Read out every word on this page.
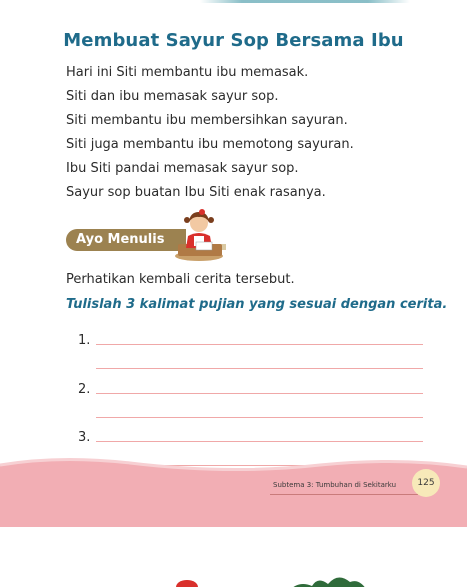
Membuat Sayur Sop Bersama Ibu
Hari ini Siti membantu ibu memasak.
Siti dan ibu memasak sayur sop.
Siti membantu ibu membersihkan sayuran.
Siti juga membantu ibu memotong sayuran.
Ibu Siti pandai memasak sayur sop.
Sayur sop buatan Ibu Siti enak rasanya.
Ayo Menulis

Perhatikan kembali cerita tersebut.

Tulislah 3 kalimat pujian yang sesuai dengan cerita.

1.
2.
3.
Subtema 3: Tumbuhan di Sekitarku	125
